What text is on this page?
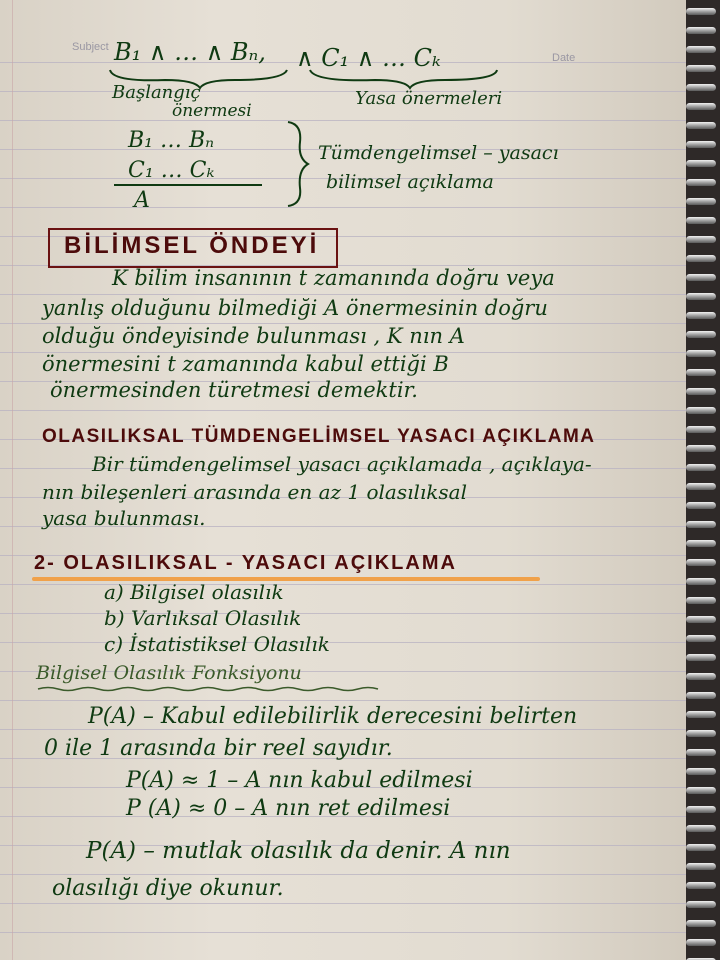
Subject
Date
B₁ ∧ … ∧ Bₙ, ∧ C₁ ∧ … Cₖ
Başlangıç
önermesi
Yasa önermeleri
B₁ … Bₙ
C₁ … Cₖ
A
Tümdengelimsel – yasacı
bilimsel açıklama
BİLİMSEL ÖNDEYİ
K bilim insanının t zamanında doğru veya
yanlış olduğunu bilmediği A önermesinin doğru
olduğu öndeyisinde bulunması , K nın A
önermesini t zamanında kabul ettiği B
önermesinden türetmesi demektir.
OLASILIKSAL TÜMDENGELİMSEL YASACI AÇIKLAMA
Bir tümdengelimsel yasacı açıklamada , açıklaya-
nın bileşenleri arasında en az 1 olasılıksal
yasa bulunması.
2- OLASILIKSAL - YASACI AÇIKLAMA
a) Bilgisel olasılık
b) Varlıksal Olasılık
c) İstatistiksel Olasılık
Bilgisel Olasılık Fonksiyonu
P(A) – Kabul edilebilirlik derecesini belirten
0 ile 1 arasında bir reel sayıdır.
P(A) ≈ 1 – A nın kabul edilmesi
P (A) ≈ 0 – A nın ret edilmesi
P(A) – mutlak olasılık da denir. A nın
olasılığı diye okunur.
